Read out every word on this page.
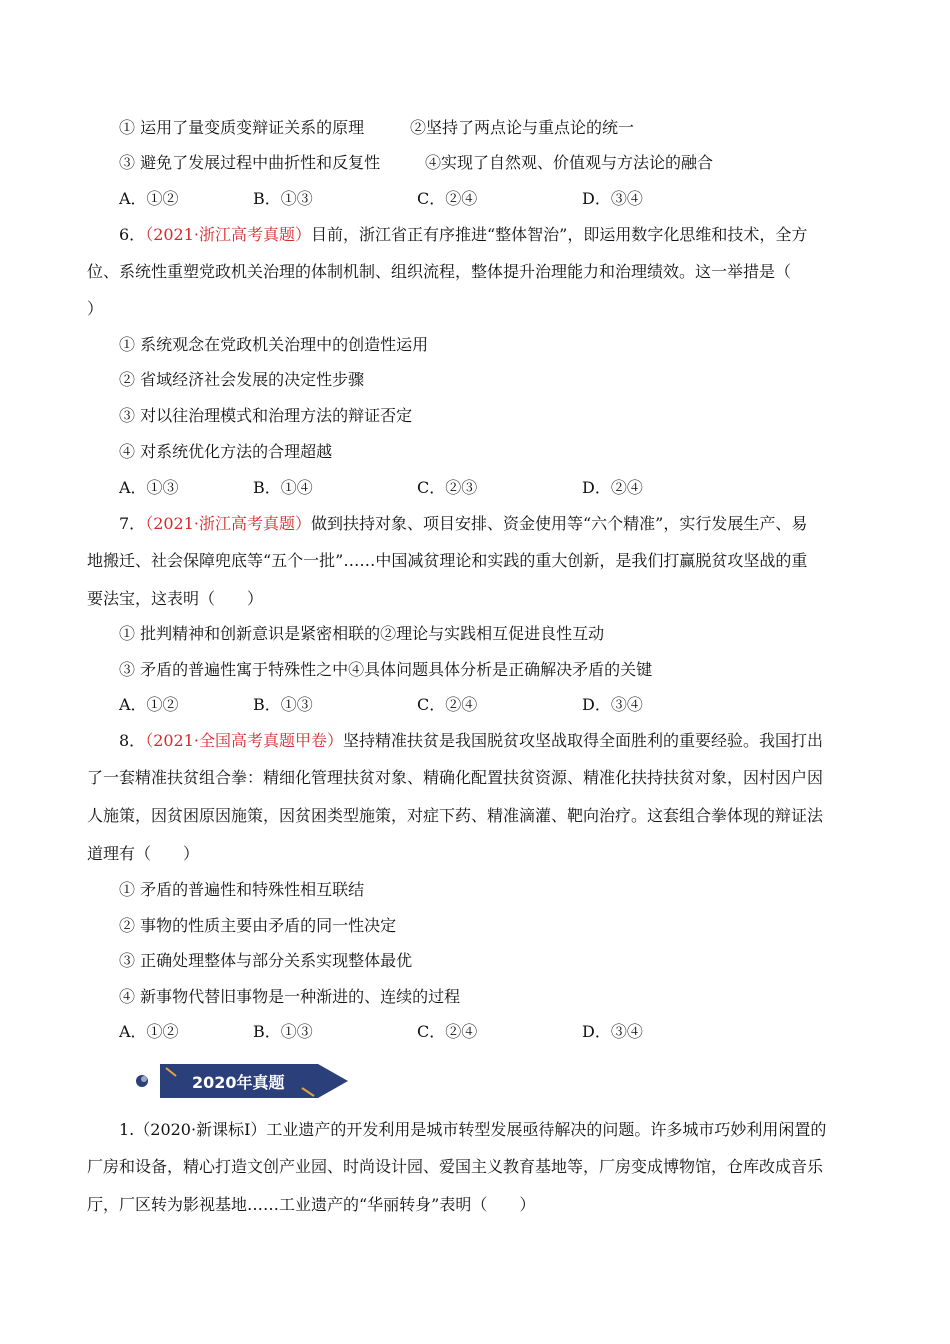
① 运用了量变质变辩证关系的原理	②坚持了两点论与重点论的统一
③ 避免了发展过程中曲折性和反复性	④实现了自然观、价值观与方法论的融合
A．①②	B．①③	C．②④	D．③④
6．（2021·浙江高考真题）目前，浙江省正有序推进“整体智治”，即运用数字化思维和技术，全方
位、系统性重塑党政机关治理的体制机制、组织流程，整体提升治理能力和治理绩效。这一举措是（
）
① 系统观念在党政机关治理中的创造性运用
② 省域经济社会发展的决定性步骤
③ 对以往治理模式和治理方法的辩证否定
④ 对系统优化方法的合理超越
A．①③	B．①④	C．②③	D．②④
7．（2021·浙江高考真题）做到扶持对象、项目安排、资金使用等“六个精准”，实行发展生产、易
地搬迁、社会保障兜底等“五个一批”……中国减贫理论和实践的重大创新，是我们打赢脱贫攻坚战的重
要法宝，这表明（　　）
① 批判精神和创新意识是紧密相联的②理论与实践相互促进良性互动
③ 矛盾的普遍性寓于特殊性之中④具体问题具体分析是正确解决矛盾的关键
A．①②	B．①③	C．②④	D．③④
8．（2021·全国高考真题甲卷）坚持精准扶贫是我国脱贫攻坚战取得全面胜利的重要经验。我国打出
了一套精准扶贫组合拳：精细化管理扶贫对象、精确化配置扶贫资源、精准化扶持扶贫对象，因村因户因
人施策，因贫困原因施策，因贫困类型施策，对症下药、精准滴灌、靶向治疗。这套组合拳体现的辩证法
道理有（　　）
① 矛盾的普遍性和特殊性相互联结
② 事物的性质主要由矛盾的同一性决定
③ 正确处理整体与部分关系实现整体最优
④ 新事物代替旧事物是一种渐进的、连续的过程
A．①②	B．①③	C．②④	D．③④
2020年真题
1.（2020·新课标Ⅰ）工业遗产的开发利用是城市转型发展亟待解决的问题。许多城市巧妙利用闲置的
厂房和设备，精心打造文创产业园、时尚设计园、爱国主义教育基地等，厂房变成博物馆，仓库改成音乐
厅，厂区转为影视基地……工业遗产的“华丽转身”表明（　　）
